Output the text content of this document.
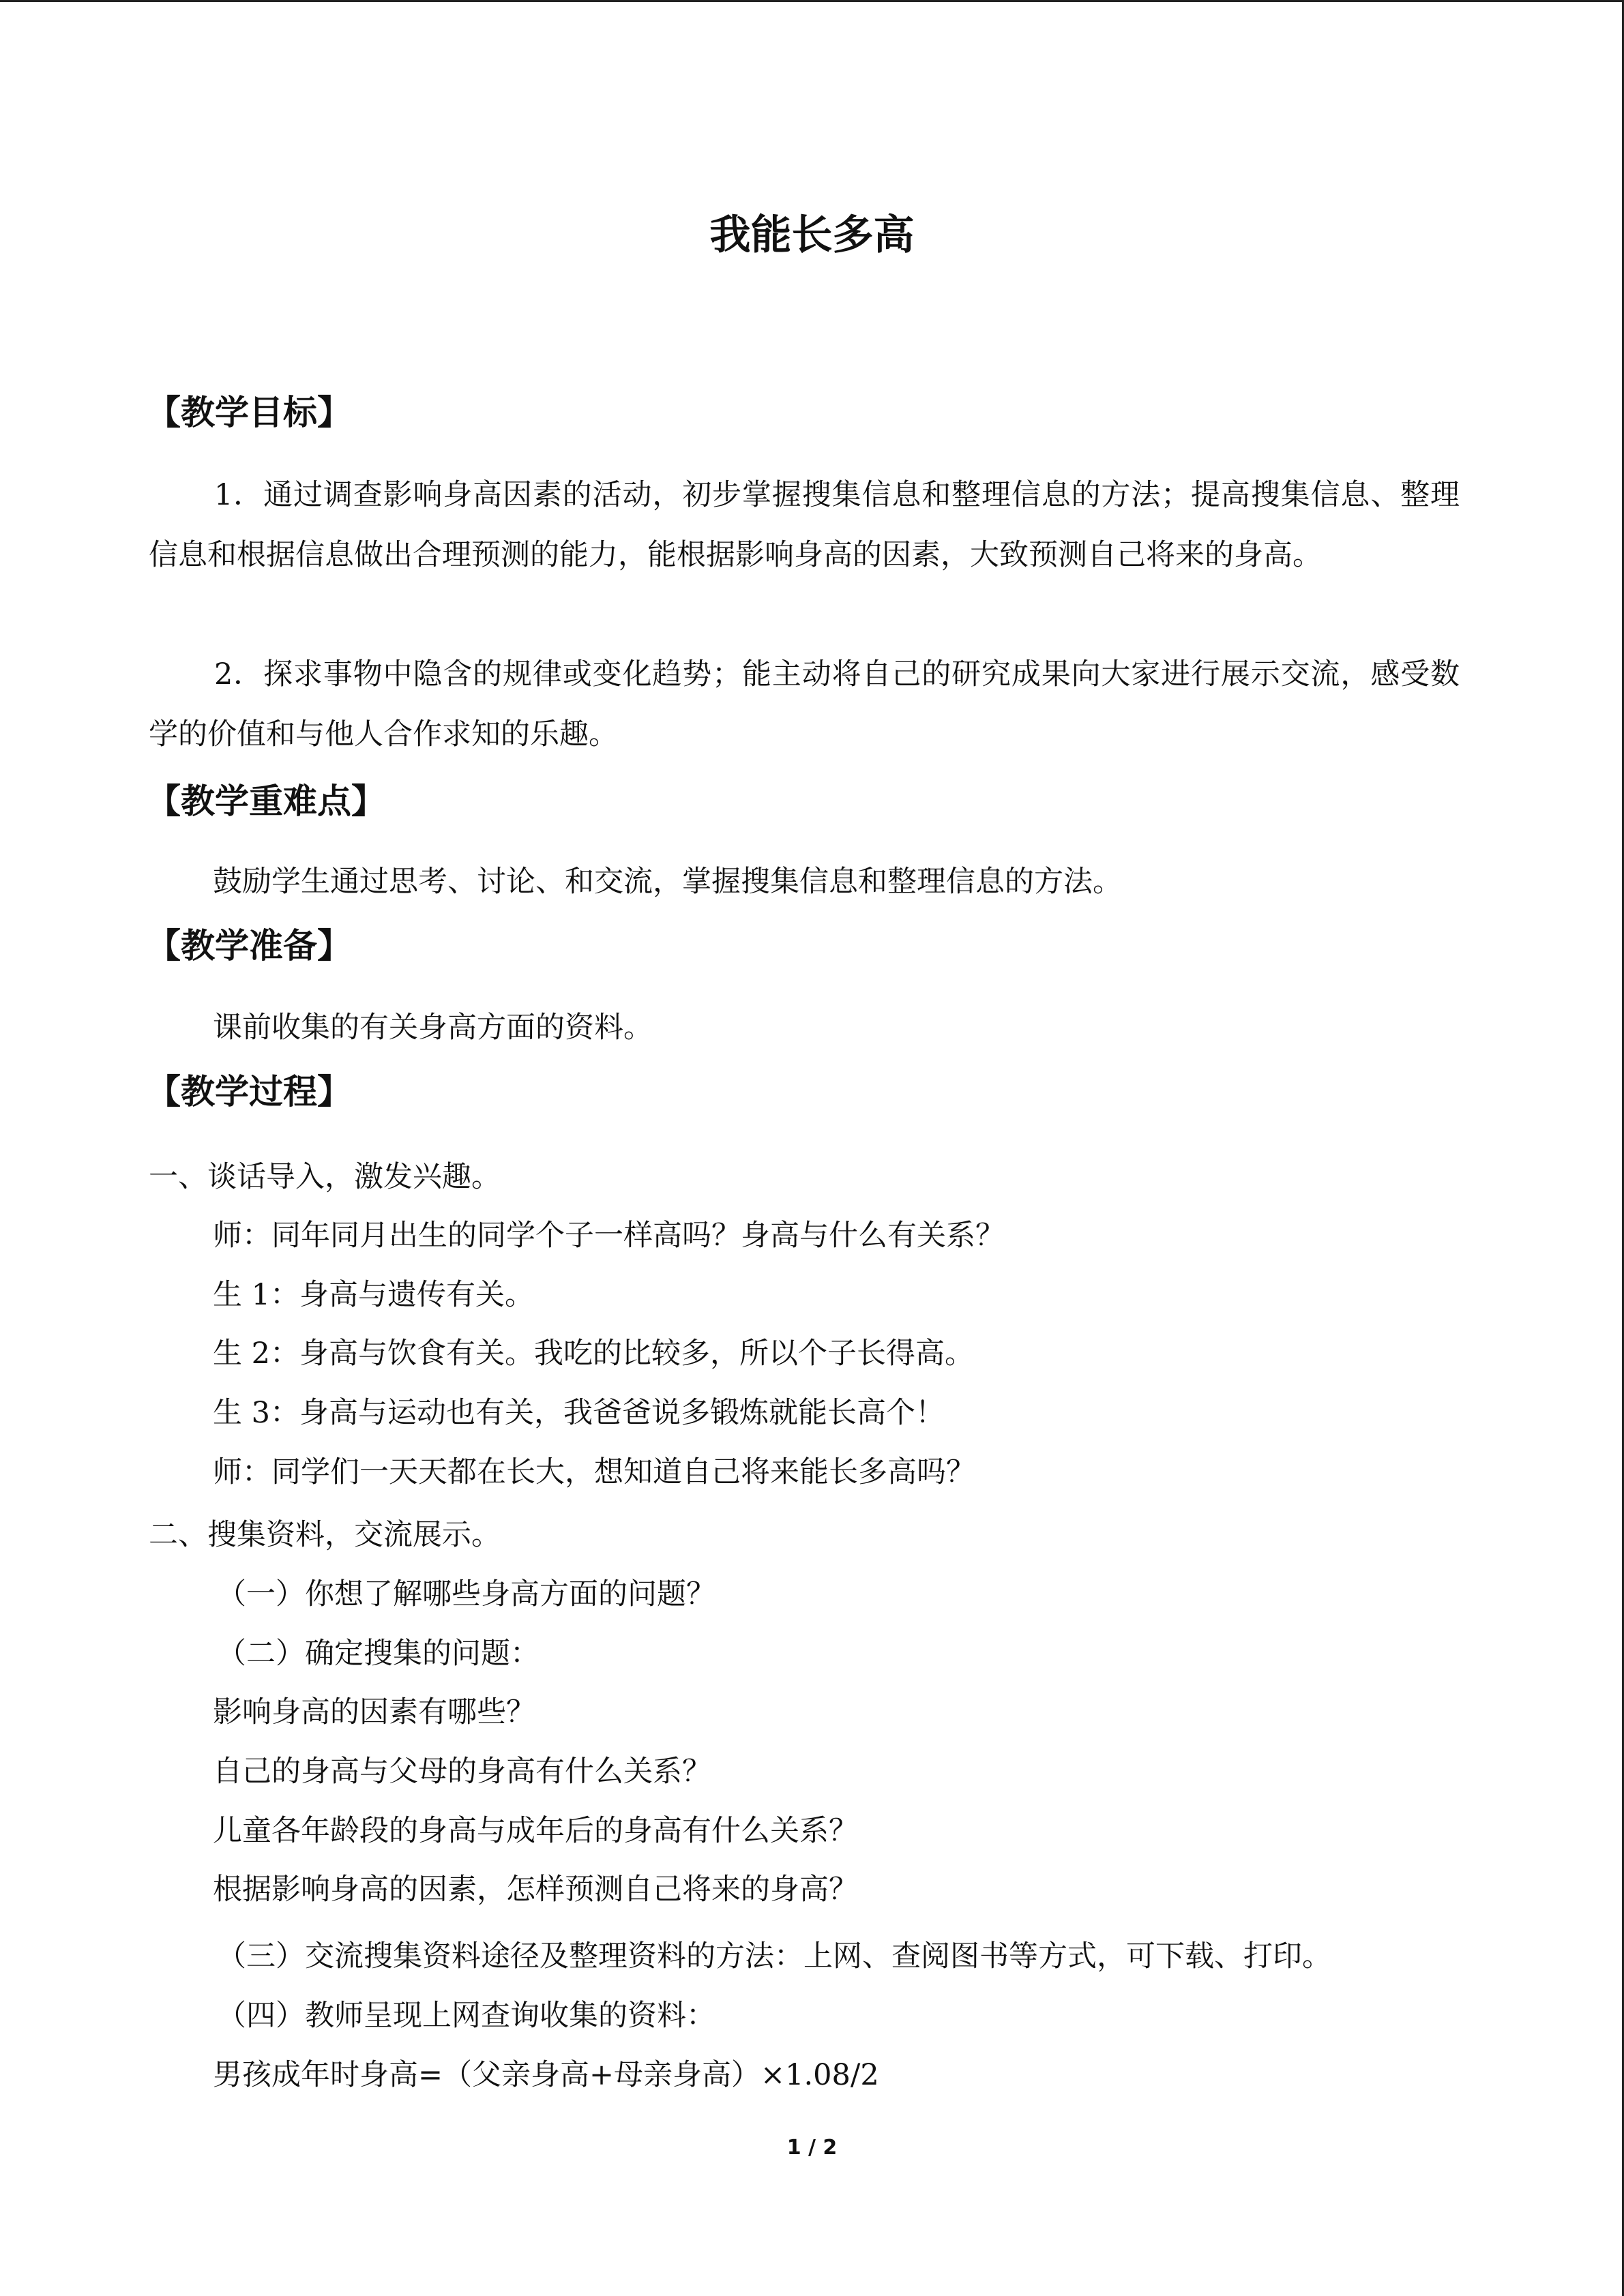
我能长多高
【教学目标】
1．通过调查影响身高因素的活动，初步掌握搜集信息和整理信息的方法；提高搜集信息、整理信息和根据信息做出合理预测的能力，能根据影响身高的因素，大致预测自己将来的身高。
2．探求事物中隐含的规律或变化趋势；能主动将自己的研究成果向大家进行展示交流，感受数学的价值和与他人合作求知的乐趣。
【教学重难点】
鼓励学生通过思考、讨论、和交流，掌握搜集信息和整理信息的方法。
【教学准备】
课前收集的有关身高方面的资料。
【教学过程】
一、谈话导入，激发兴趣。
师：同年同月出生的同学个子一样高吗？身高与什么有关系？
生 1：身高与遗传有关。
生 2：身高与饮食有关。我吃的比较多，所以个子长得高。
生 3：身高与运动也有关，我爸爸说多锻炼就能长高个！
师：同学们一天天都在长大，想知道自己将来能长多高吗？
二、搜集资料，交流展示。
（一）你想了解哪些身高方面的问题？
（二）确定搜集的问题：
影响身高的因素有哪些？
自己的身高与父母的身高有什么关系？
儿童各年龄段的身高与成年后的身高有什么关系？
根据影响身高的因素，怎样预测自己将来的身高？
（三）交流搜集资料途径及整理资料的方法：上网、查阅图书等方式，可下载、打印。
（四）教师呈现上网查询收集的资料：
男孩成年时身高=（父亲身高+母亲身高）×1.08/2
1 / 2
